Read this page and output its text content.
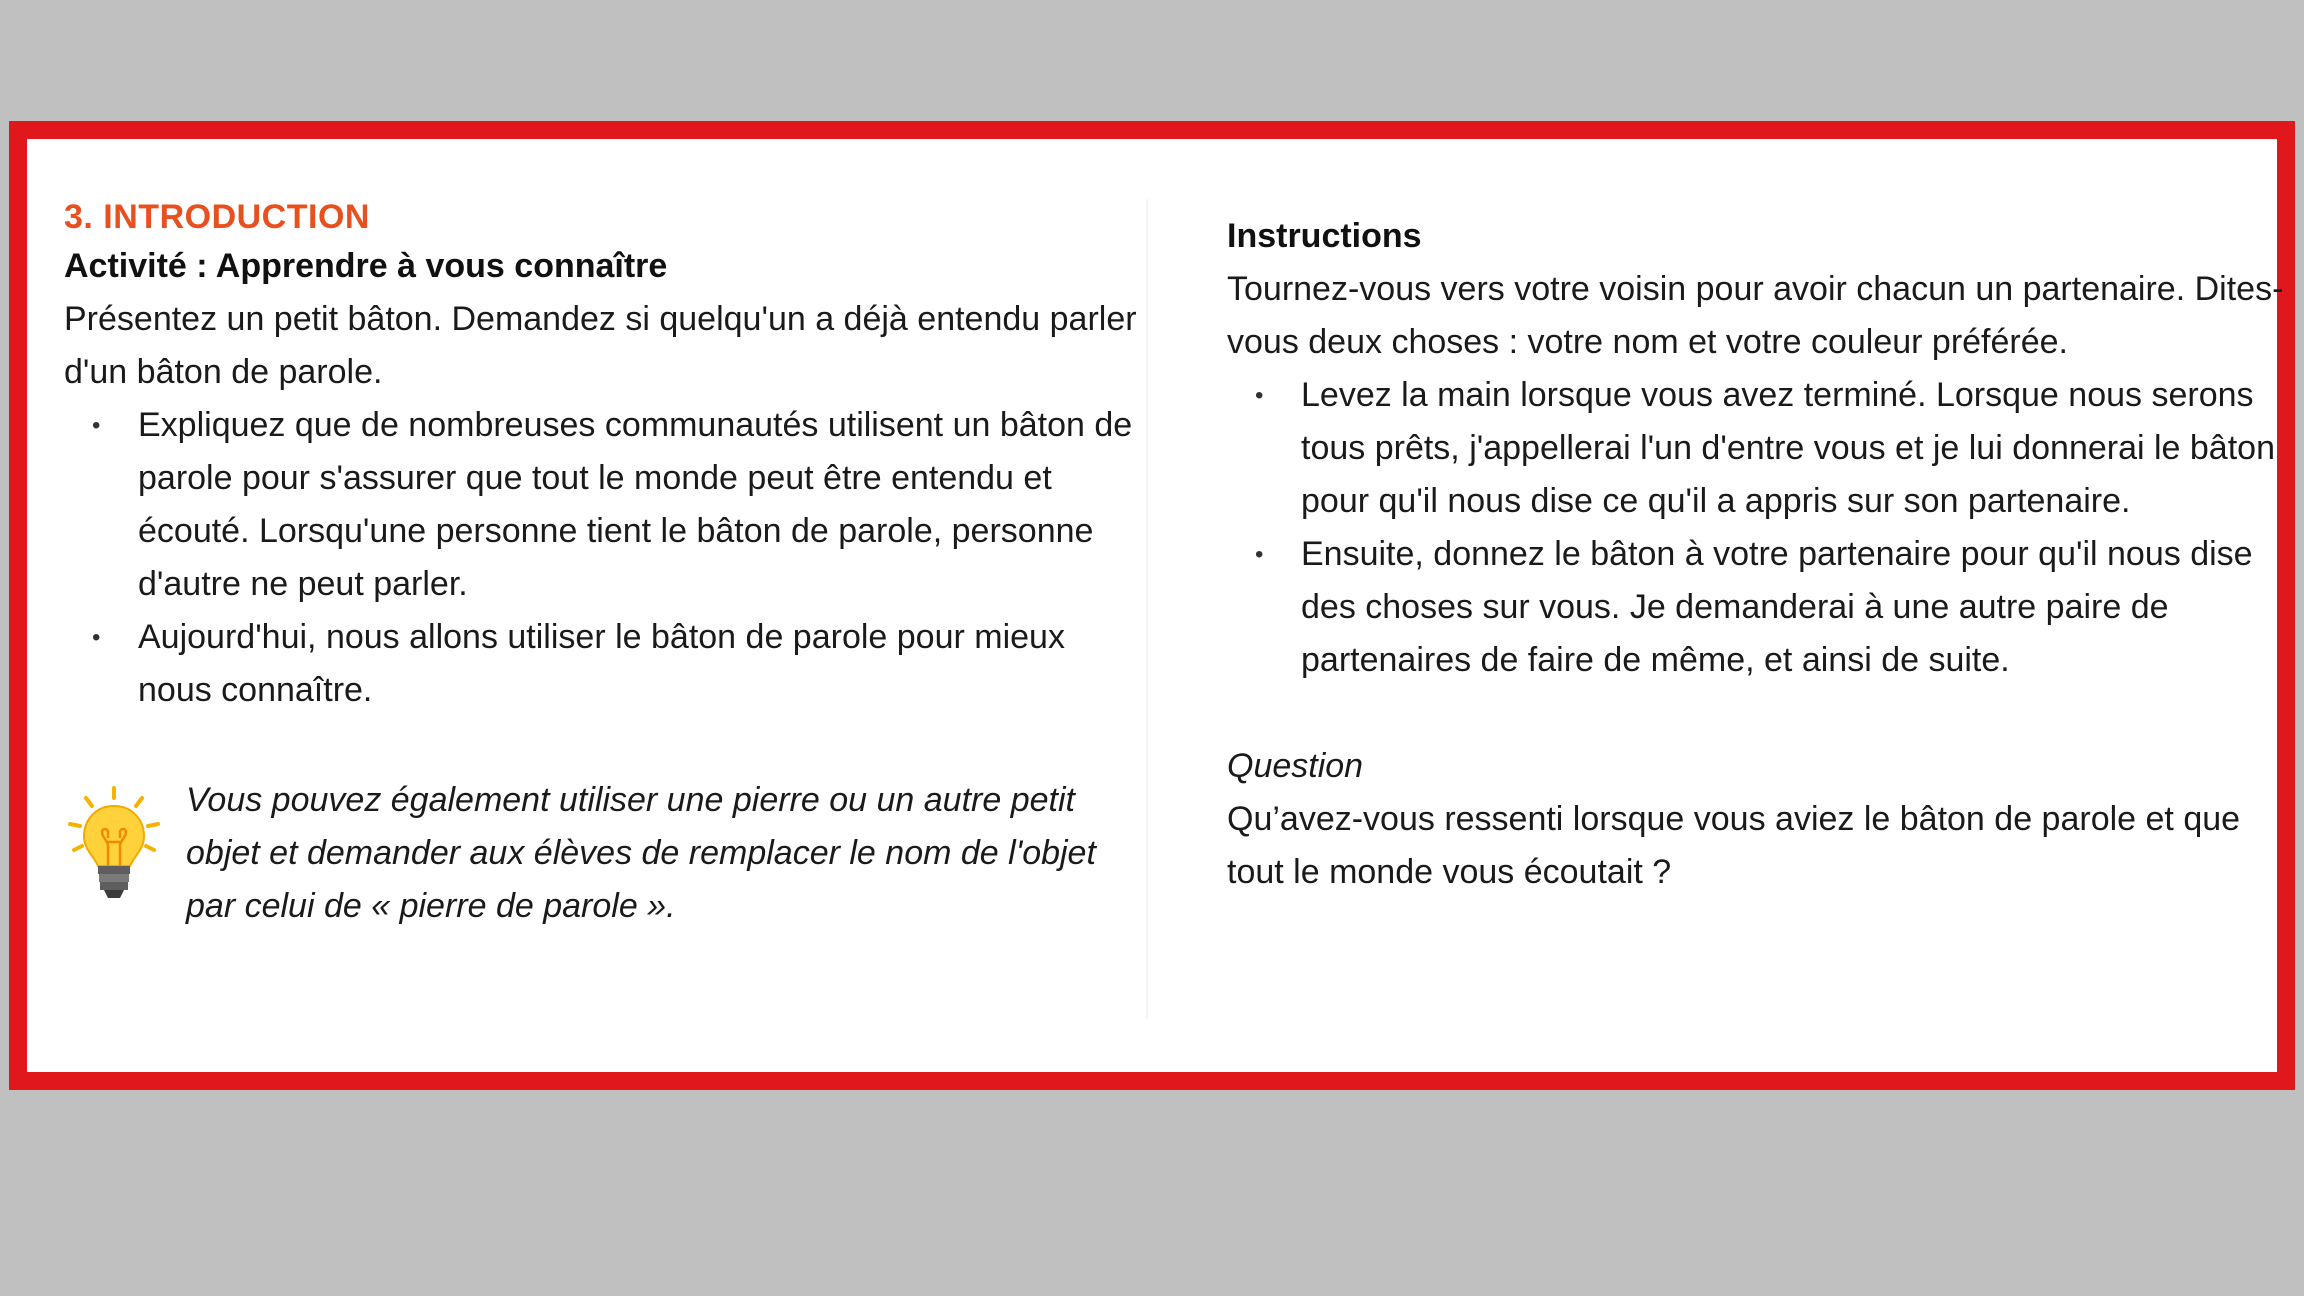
3. INTRODUCTION
Activité : Apprendre à vous connaître

Présentez un petit bâton. Demandez si quelqu'un a déjà entendu parler d'un bâton de parole.

• Expliquez que de nombreuses communautés utilisent un bâton de parole pour s'assurer que tout le monde peut être entendu et écouté. Lorsqu'une personne tient le bâton de parole, personne d'autre ne peut parler.
• Aujourd'hui, nous allons utiliser le bâton de parole pour mieux nous connaître.
Vous pouvez également utiliser une pierre ou un autre petit objet et demander aux élèves de remplacer le nom de l'objet par celui de « pierre de parole ».
Instructions

Tournez-vous vers votre voisin pour avoir chacun un partenaire. Dites-vous deux choses : votre nom et votre couleur préférée.

• Levez la main lorsque vous avez terminé. Lorsque nous serons tous prêts, j'appellerai l'un d'entre vous et je lui donnerai le bâton pour qu'il nous dise ce qu'il a appris sur son partenaire.
• Ensuite, donnez le bâton à votre partenaire pour qu'il nous dise des choses sur vous. Je demanderai à une autre paire de partenaires de faire de même, et ainsi de suite.
Question

Qu’avez-vous ressenti lorsque vous aviez le bâton de parole et que tout le monde vous écoutait ?
